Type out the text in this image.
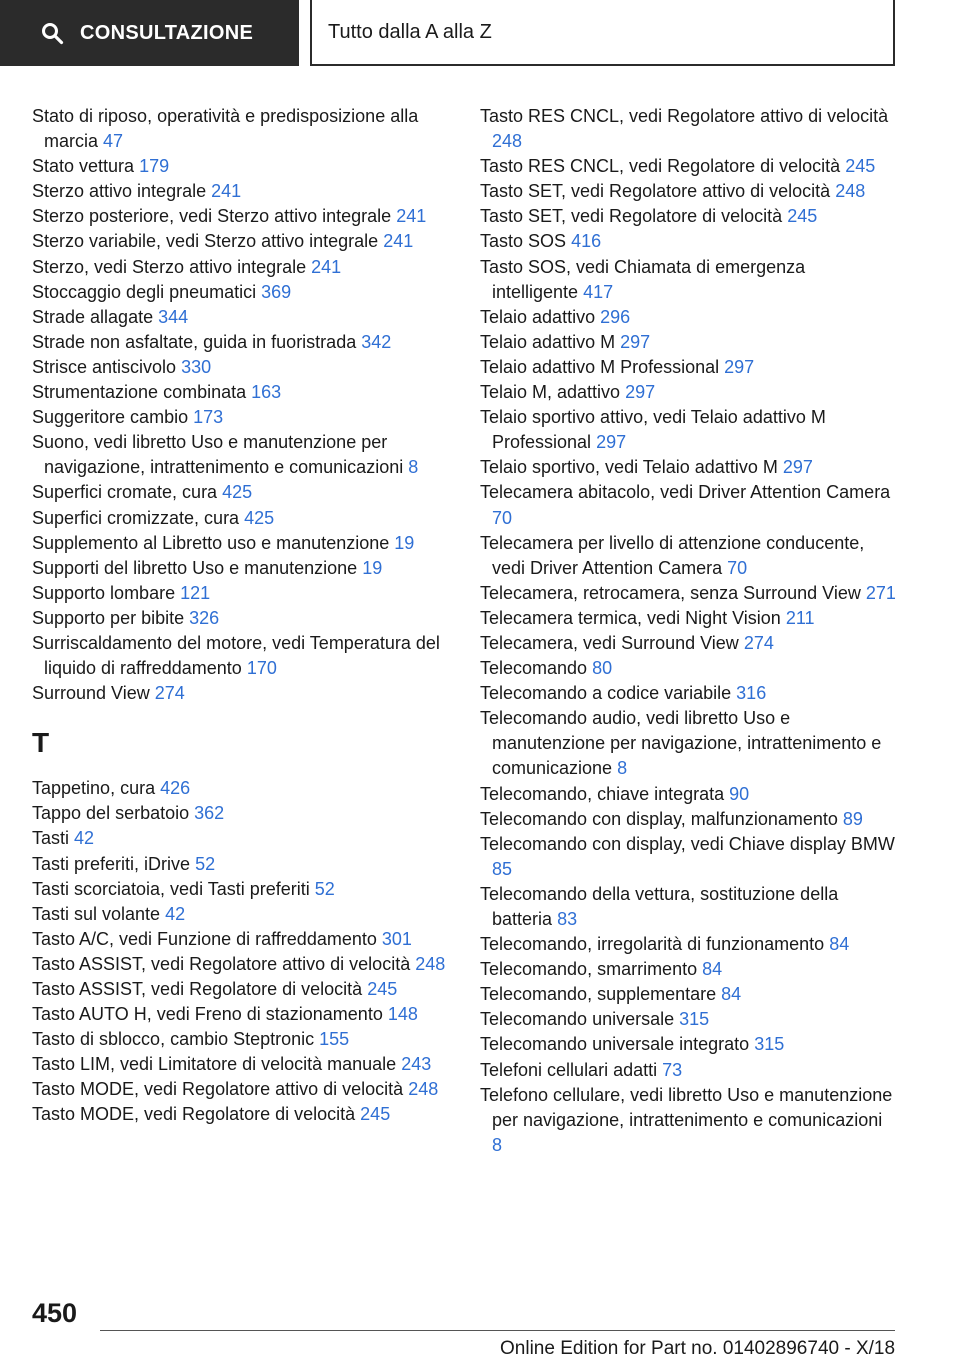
CONSULTAZIONE	Tutto dalla A alla Z
Stato di riposo, operatività e predisposizione alla marcia 47
Stato vettura 179
Sterzo attivo integrale 241
Sterzo posteriore, vedi Sterzo attivo integrale 241
Sterzo variabile, vedi Sterzo attivo integrale 241
Sterzo, vedi Sterzo attivo integrale 241
Stoccaggio degli pneumatici 369
Strade allagate 344
Strade non asfaltate, guida in fuoristrada 342
Strisce antiscivolo 330
Strumentazione combinata 163
Suggeritore cambio 173
Suono, vedi libretto Uso e manutenzione per navigazione, intrattenimento e comunicazioni 8
Superfici cromate, cura 425
Superfici cromizzate, cura 425
Supplemento al Libretto uso e manutenzione 19
Supporti del libretto Uso e manutenzione 19
Supporto lombare 121
Supporto per bibite 326
Surriscaldamento del motore, vedi Temperatura del liquido di raffreddamento 170
Surround View 274
T
Tappetino, cura 426
Tappo del serbatoio 362
Tasti 42
Tasti preferiti, iDrive 52
Tasti scorciatoia, vedi Tasti preferiti 52
Tasti sul volante 42
Tasto A/C, vedi Funzione di raffreddamento 301
Tasto ASSIST, vedi Regolatore attivo di velocità 248
Tasto ASSIST, vedi Regolatore di velocità 245
Tasto AUTO H, vedi Freno di stazionamento 148
Tasto di sblocco, cambio Steptronic 155
Tasto LIM, vedi Limitatore di velocità manuale 243
Tasto MODE, vedi Regolatore attivo di velocità 248
Tasto MODE, vedi Regolatore di velocità 245
Tasto RES CNCL, vedi Regolatore attivo di velocità 248
Tasto RES CNCL, vedi Regolatore di velocità 245
Tasto SET, vedi Regolatore attivo di velocità 248
Tasto SET, vedi Regolatore di velocità 245
Tasto SOS 416
Tasto SOS, vedi Chiamata di emergenza intelligente 417
Telaio adattivo 296
Telaio adattivo M 297
Telaio adattivo M Professional 297
Telaio M, adattivo 297
Telaio sportivo attivo, vedi Telaio adattivo M Professional 297
Telaio sportivo, vedi Telaio adattivo M 297
Telecamera abitacolo, vedi Driver Attention Camera 70
Telecamera per livello di attenzione conducente, vedi Driver Attention Camera 70
Telecamera, retrocamera, senza Surround View 271
Telecamera termica, vedi Night Vision 211
Telecamera, vedi Surround View 274
Telecomando 80
Telecomando a codice variabile 316
Telecomando audio, vedi libretto Uso e manutenzione per navigazione, intrattenimento e comunicazione 8
Telecomando, chiave integrata 90
Telecomando con display, malfunzionamento 89
Telecomando con display, vedi Chiave display BMW 85
Telecomando della vettura, sostituzione della batteria 83
Telecomando, irregolarità di funzionamento 84
Telecomando, smarrimento 84
Telecomando, supplementare 84
Telecomando universale 315
Telecomando universale integrato 315
Telefoni cellulari adatti 73
Telefono cellulare, vedi libretto Uso e manutenzione per navigazione, intrattenimento e comunicazioni 8
450
Online Edition for Part no. 01402896740 - X/18
